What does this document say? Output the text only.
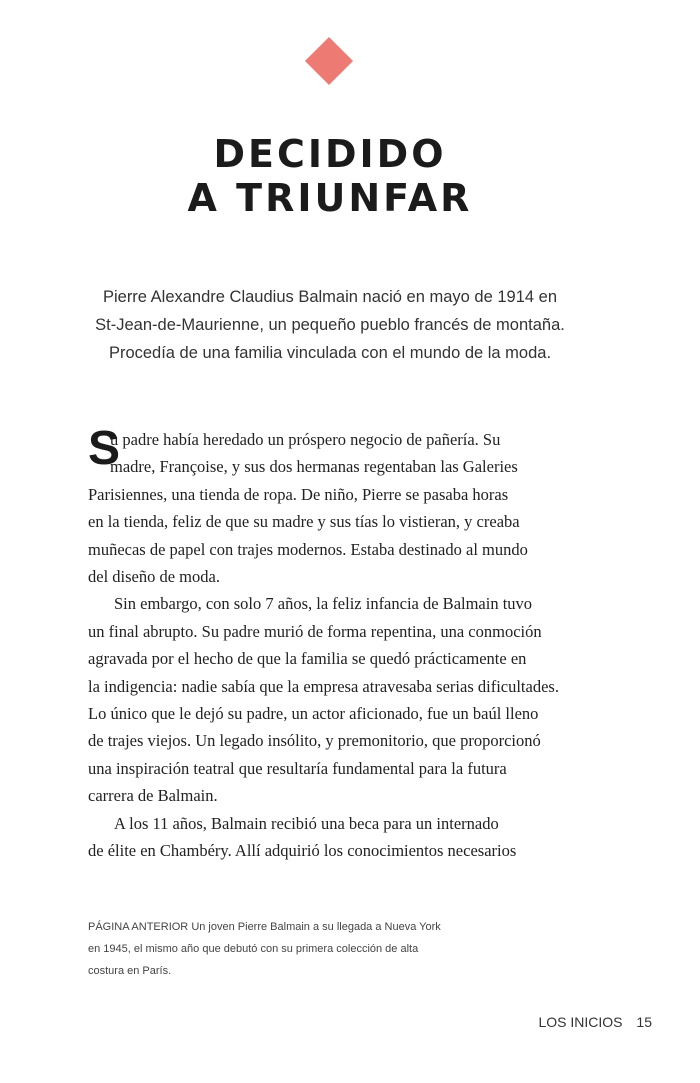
DECIDIDO
A TRIUNFAR
Pierre Alexandre Claudius Balmain nació en mayo de 1914 en
St-Jean-de-Maurienne, un pequeño pueblo francés de montaña.
Procedía de una familia vinculada con el mundo de la moda.
S
u padre había heredado un próspero negocio de pañería. Su
madre, Françoise, y sus dos hermanas regentaban las Galeries
Parisiennes, una tienda de ropa. De niño, Pierre se pasaba horas
en la tienda, feliz de que su madre y sus tías lo vistieran, y creaba
muñecas de papel con trajes modernos. Estaba destinado al mundo
del diseño de moda.
Sin embargo, con solo 7 años, la feliz infancia de Balmain tuvo
un final abrupto. Su padre murió de forma repentina, una conmoción
agravada por el hecho de que la familia se quedó prácticamente en
la indigencia: nadie sabía que la empresa atravesaba serias dificultades.
Lo único que le dejó su padre, un actor aficionado, fue un baúl lleno
de trajes viejos. Un legado insólito, y premonitorio, que proporcionó
una inspiración teatral que resultaría fundamental para la futura
carrera de Balmain.
A los 11 años, Balmain recibió una beca para un internado
de élite en Chambéry. Allí adquirió los conocimientos necesarios
PÁGINA ANTERIOR Un joven Pierre Balmain a su llegada a Nueva York
en 1945, el mismo año que debutó con su primera colección de alta
costura en París.
LOS INICIOS 15
